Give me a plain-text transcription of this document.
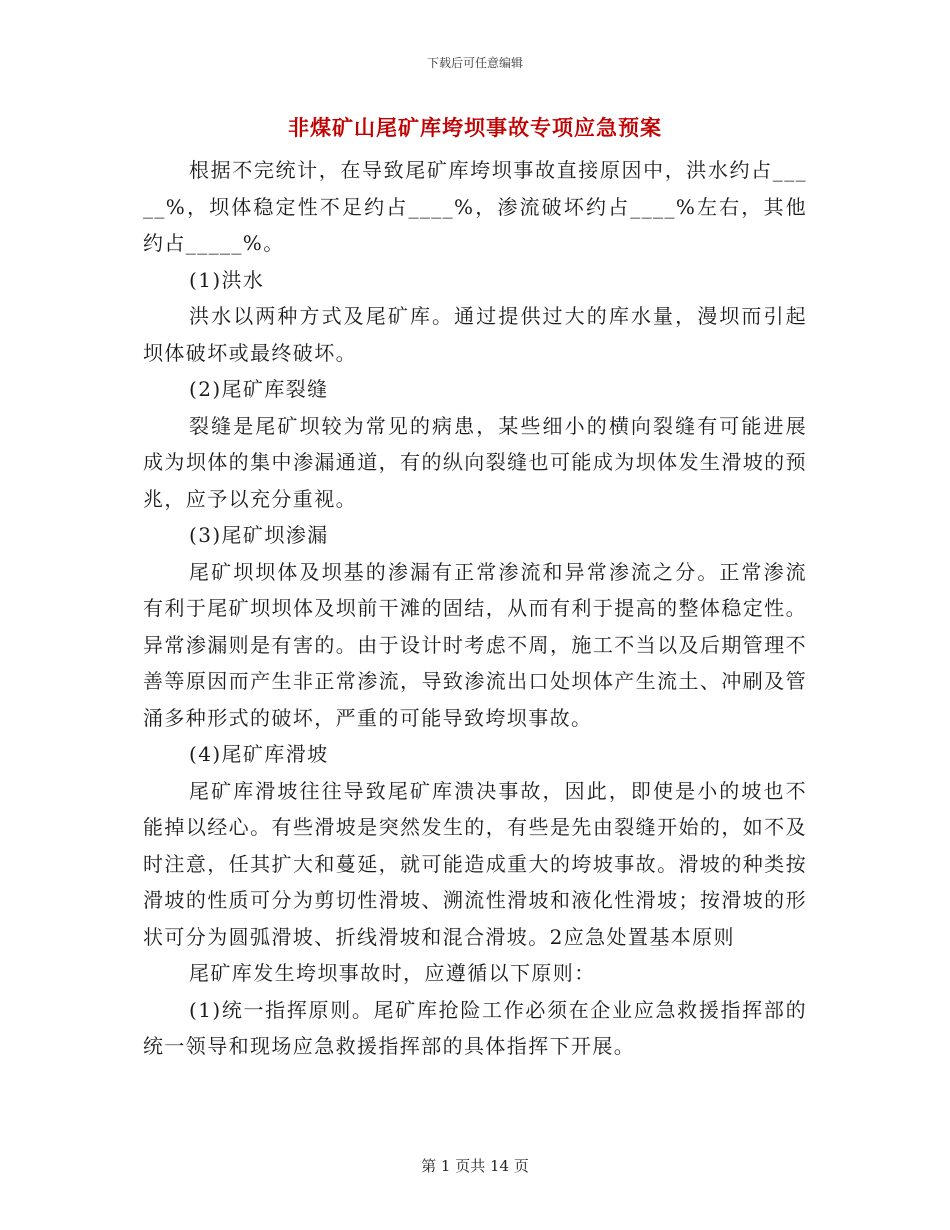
下载后可任意编辑
非煤矿山尾矿库垮坝事故专项应急预案

根据不完统计，在导致尾矿库垮坝事故直接原因中，洪水约占_____%，坝体稳定性不足约占____%，渗流破坏约占____%左右，其他约占_____%。

(1)洪水

洪水以两种方式及尾矿库。通过提供过大的库水量，漫坝而引起坝体破坏或最终破坏。

(2)尾矿库裂缝

裂缝是尾矿坝较为常见的病患，某些细小的横向裂缝有可能进展成为坝体的集中渗漏通道，有的纵向裂缝也可能成为坝体发生滑坡的预兆，应予以充分重视。

(3)尾矿坝渗漏

尾矿坝坝体及坝基的渗漏有正常渗流和异常渗流之分。正常渗流有利于尾矿坝坝体及坝前干滩的固结，从而有利于提高的整体稳定性。异常渗漏则是有害的。由于设计时考虑不周，施工不当以及后期管理不善等原因而产生非正常渗流，导致渗流出口处坝体产生流土、冲刷及管涌多种形式的破坏，严重的可能导致垮坝事故。

(4)尾矿库滑坡

尾矿库滑坡往往导致尾矿库溃决事故，因此，即使是小的坡也不能掉以经心。有些滑坡是突然发生的，有些是先由裂缝开始的，如不及时注意，任其扩大和蔓延，就可能造成重大的垮坡事故。滑坡的种类按滑坡的性质可分为剪切性滑坡、溯流性滑坡和液化性滑坡；按滑坡的形状可分为圆弧滑坡、折线滑坡和混合滑坡。2应急处置基本原则

尾矿库发生垮坝事故时，应遵循以下原则：

(1)统一指挥原则。尾矿库抢险工作必须在企业应急救援指挥部的统一领导和现场应急救援指挥部的具体指挥下开展。

第 1 页共 14 页
